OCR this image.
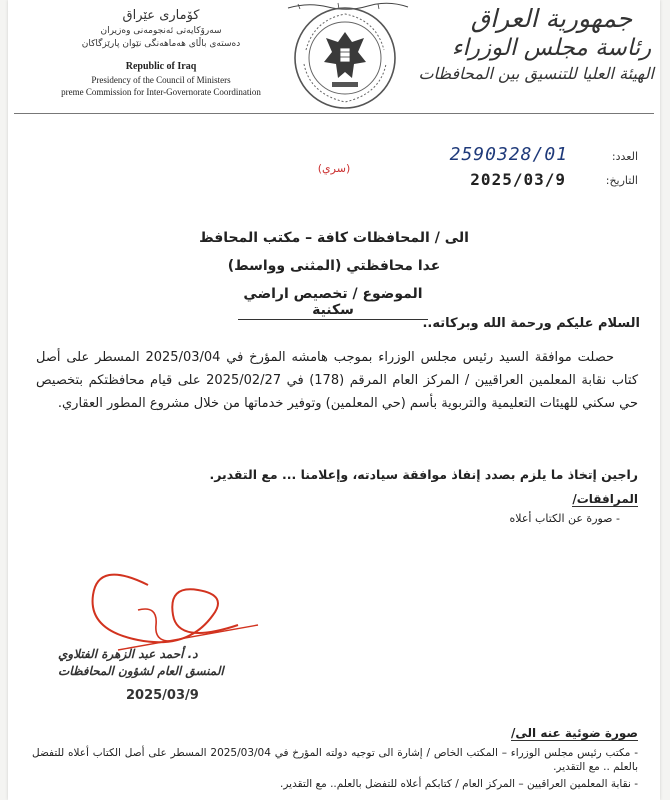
کۆماری عێراق
سەرۆکایەتی ئەنجومەنی وەزیران
دەستەی باڵای هەماهەنگی نێوان پارێزگاکان
Republic of Iraq
Presidency of the Council of Ministers
preme Commission for Inter-Governorate Coordination
جمهورية العراق
رئاسة مجلس الوزراء
الهيئة العليا للتنسيق بين المحافظات
العدد:
2590328/01
التاريخ:
2025/03/9
(سري)
الى / المحافظات كافة – مكتب المحافظ
عدا محافظتي (المثنى وواسط)
الموضوع / تخصيص اراضي سكنية
السلام عليكم ورحمة الله وبركاته..
حصلت موافقة السيد رئيس مجلس الوزراء بموجب هامشه المؤرخ في 2025/03/04 المسطر على أصل كتاب نقابة المعلمين العراقيين / المركز العام المرقم (178) في 2025/02/27 على قيام محافظتكم بتخصيص حي سكني للهيئات التعليمية والتربوية بأسم (حي المعلمين) وتوفير خدماتها من خلال مشروع المطور العقاري.
راجين إتخاذ ما يلزم بصدد إنفاذ موافقة سيادته، وإعلامنا ... مع التقدير.
المرافقات/
- صورة عن الكتاب أعلاه
د. أحمد عبد الزهرة الفتلاوي
المنسق العام لشؤون المحافظات
2025/03/9
صورة ضوئية عنه الى/
- مكتب رئيس مجلس الوزراء – المكتب الخاص / إشارة الى توجيه دولته المؤرخ في 2025/03/04 المسطر على أصل الكتاب أعلاه للتفضل بالعلم .. مع التقدير.
- نقابة المعلمين العراقيين – المركز العام / كتابكم أعلاه للتفضل بالعلم.. مع التقدير.
